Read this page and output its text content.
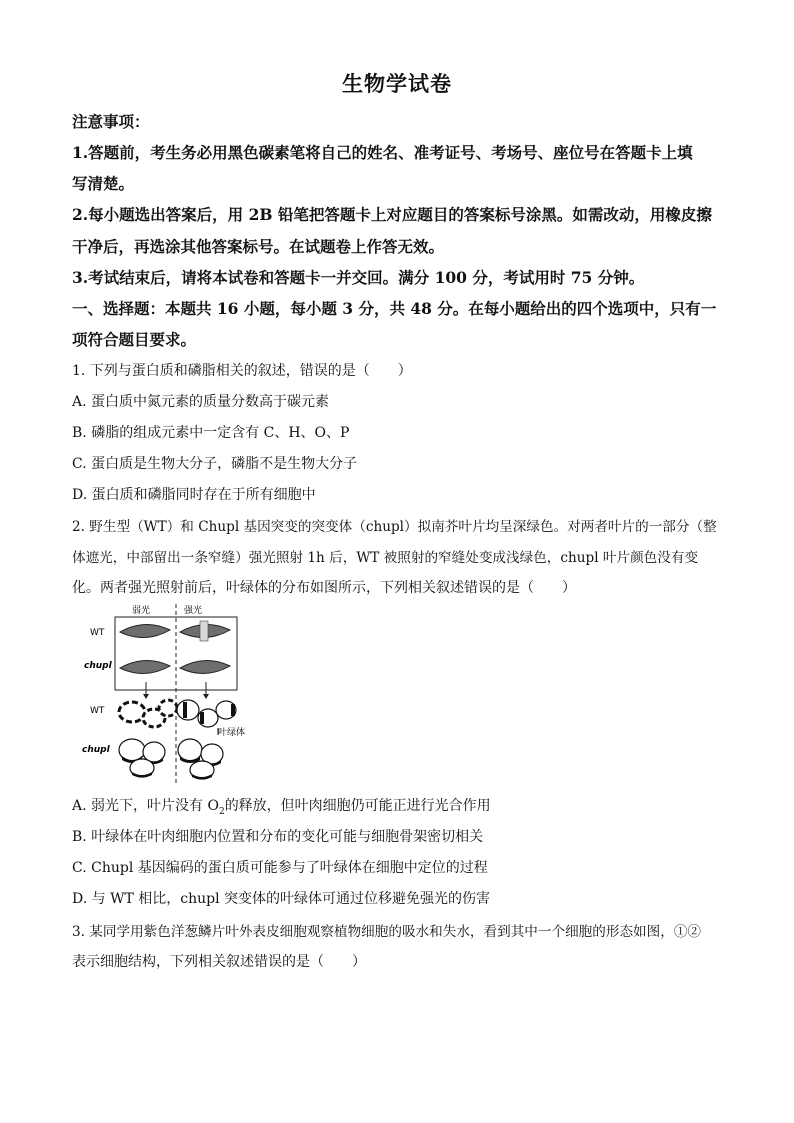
生物学试卷
注意事项：
1.答题前，考生务必用黑色碳素笔将自己的姓名、准考证号、考场号、座位号在答题卡上填
写清楚。
2.每小题选出答案后，用 2B 铅笔把答题卡上对应题目的答案标号涂黑。如需改动，用橡皮擦
干净后，再选涂其他答案标号。在试题卷上作答无效。
3.考试结束后，请将本试卷和答题卡一并交回。满分 100 分，考试用时 75 分钟。
一、选择题：本题共 16 小题，每小题 3 分，共 48 分。在每小题给出的四个选项中，只有一
项符合题目要求。
1. 下列与蛋白质和磷脂相关的叙述，错误的是（　　）
A. 蛋白质中氮元素的质量分数高于碳元素
B. 磷脂的组成元素中一定含有 C、H、O、P
C. 蛋白质是生物大分子，磷脂不是生物大分子
D. 蛋白质和磷脂同时存在于所有细胞中
2. 野生型（WT）和 Chupl 基因突变的突变体（chupl）拟南芥叶片均呈深绿色。对两者叶片的一部分（整
体遮光，中部留出一条窄缝）强光照射 1h 后，WT 被照射的窄缝处变成浅绿色，chupl 叶片颜色没有变
化。两者强光照射前后，叶绿体的分布如图所示，下列相关叙述错误的是（　　）
弱光	强光
WT
chupl
WT
chupl
叶绿体
A. 弱光下，叶片没有 $O_2$的释放，但叶肉细胞仍可能正进行光合作用
B. 叶绿体在叶肉细胞内位置和分布的变化可能与细胞骨架密切相关
C. Chupl 基因编码的蛋白质可能参与了叶绿体在细胞中定位的过程
D. 与 WT 相比，chupl 突变体的叶绿体可通过位移避免强光的伤害
3. 某同学用紫色洋葱鳞片叶外表皮细胞观察植物细胞的吸水和失水，看到其中一个细胞的形态如图，①②
表示细胞结构，下列相关叙述错误的是（　　）
